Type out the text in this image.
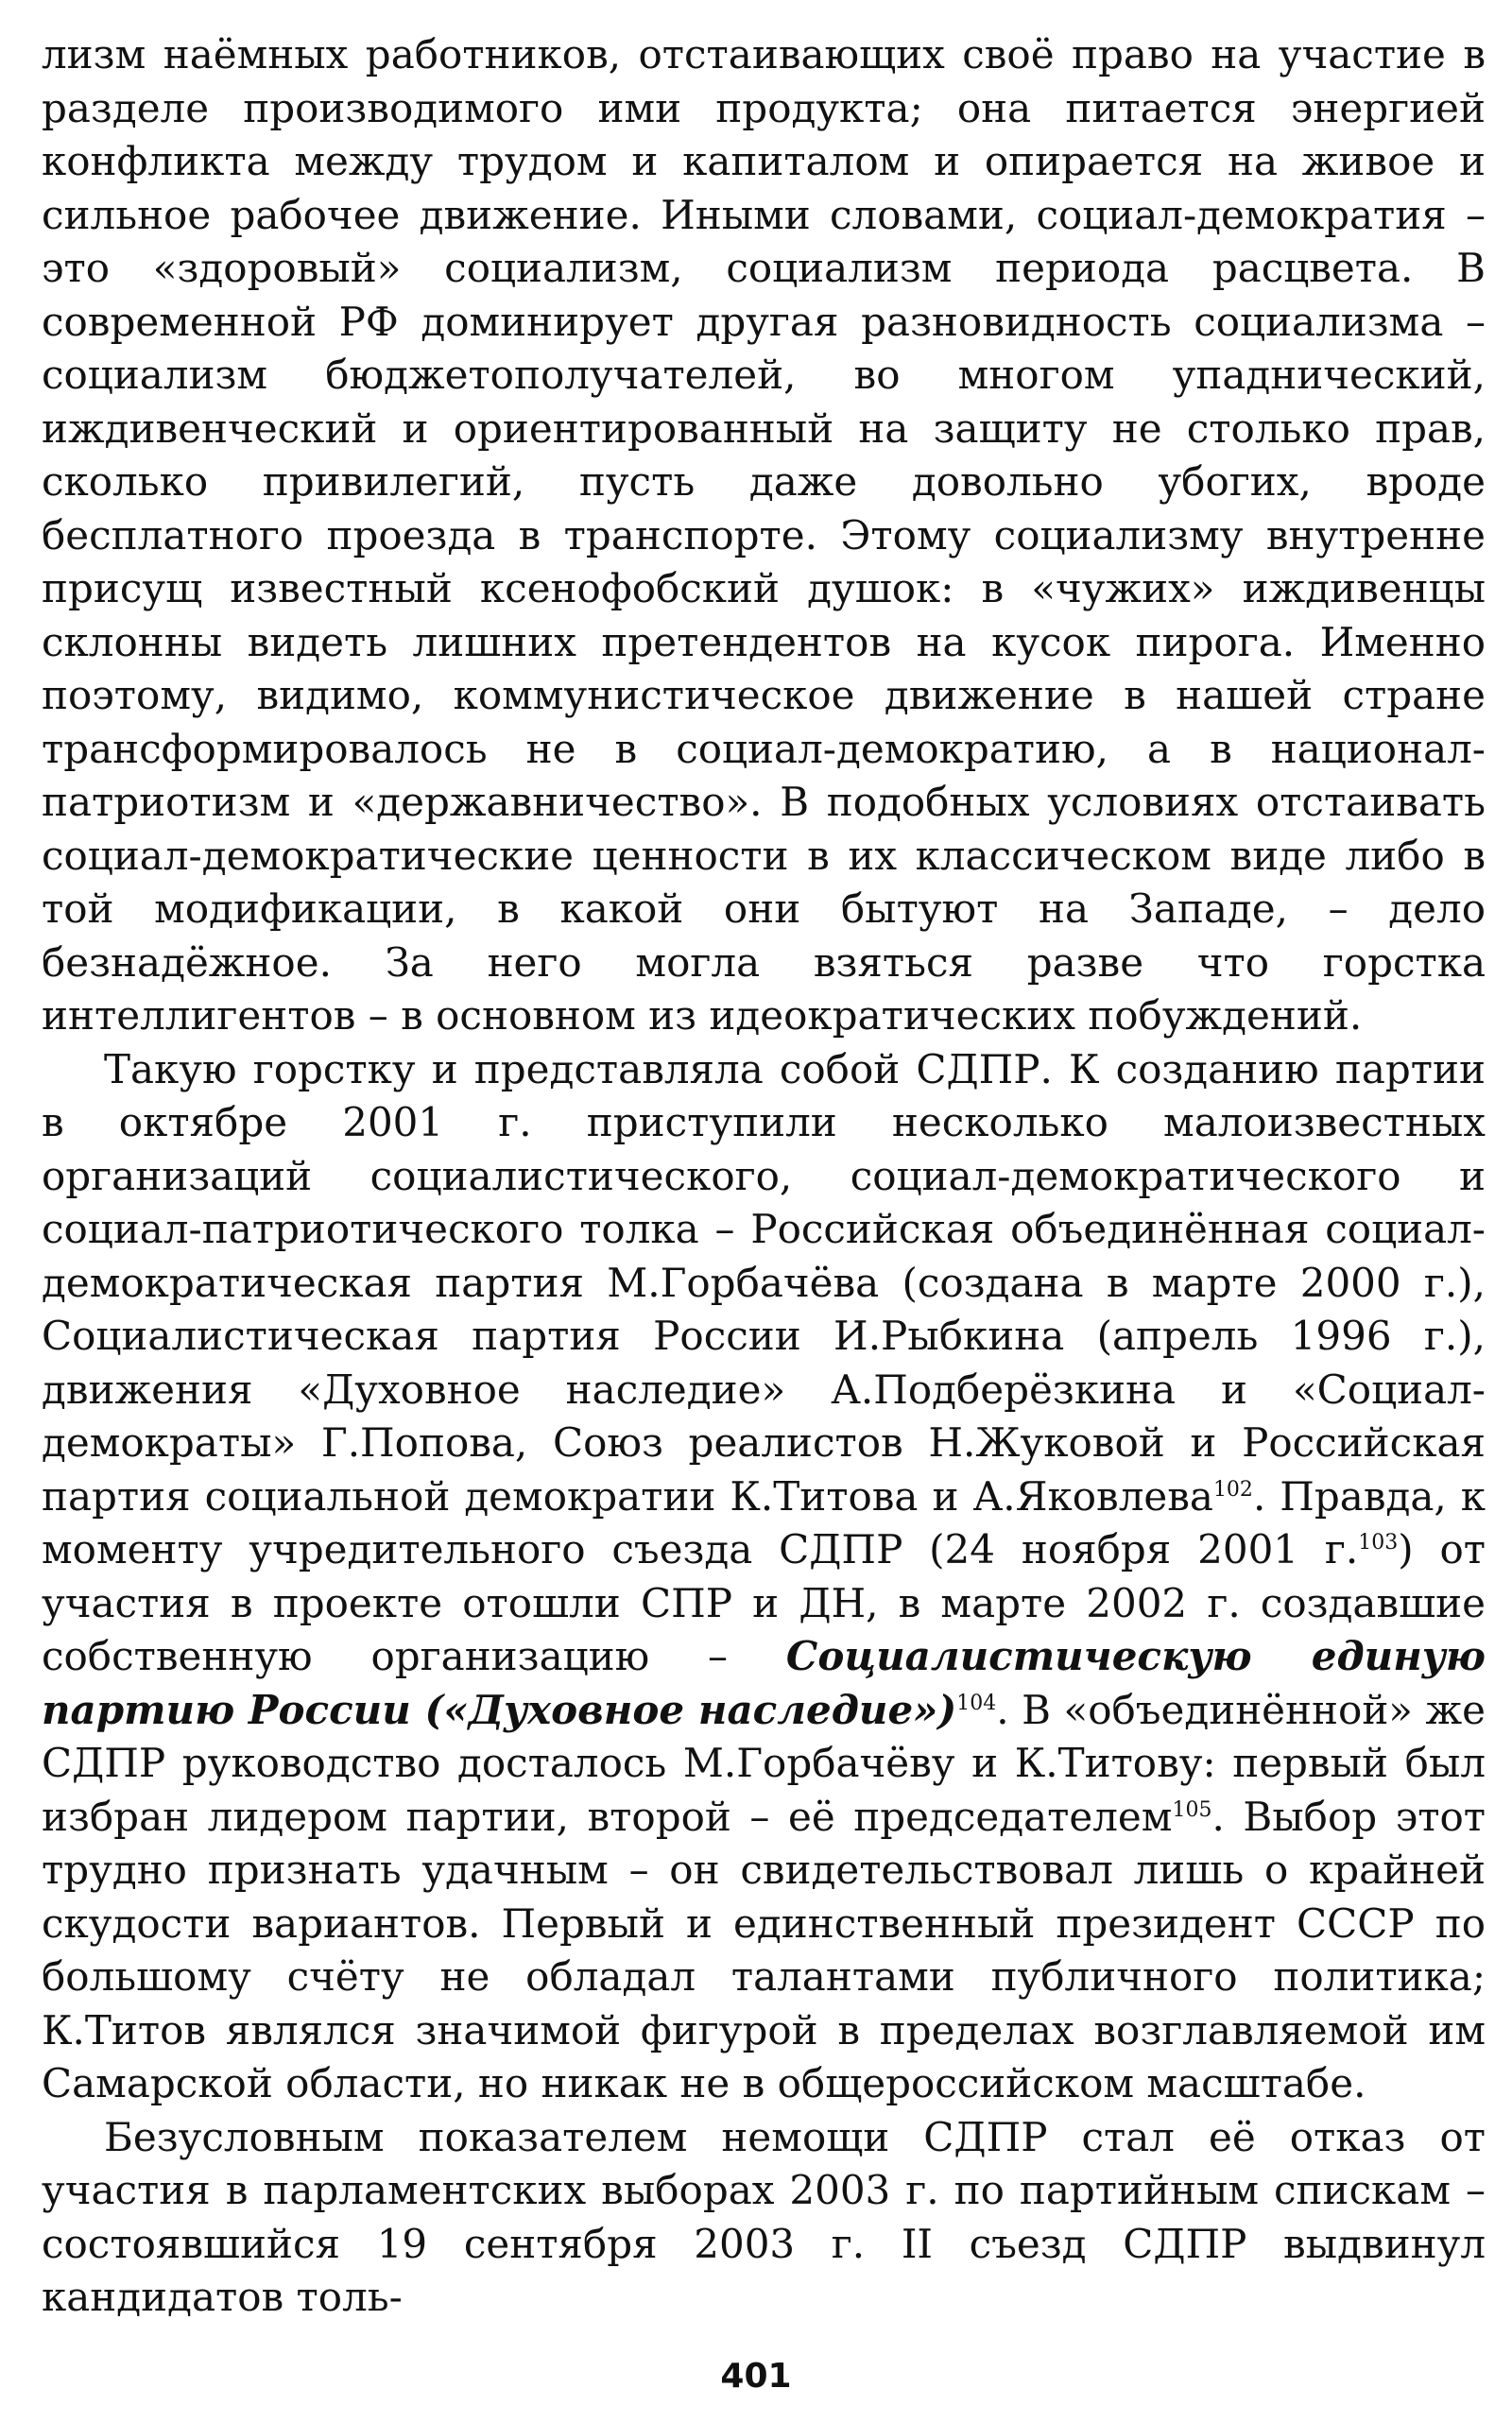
лизм наёмных работников, отстаивающих своё право на участие в разделе производимого ими продукта; она питается энергией конфликта между трудом и капиталом и опирается на живое и сильное рабочее движение. Иными словами, социал-демократия – это «здоровый» социализм, социализм периода расцвета. В современной РФ доминирует другая разновидность социализма – социализм бюджетополучателей, во многом упаднический, иждивенческий и ориентированный на защиту не столько прав, сколько привилегий, пусть даже довольно убогих, вроде бесплатного проезда в транспорте. Этому социализму внутренне присущ известный ксенофобский душок: в «чужих» иждивенцы склонны видеть лишних претендентов на кусок пирога. Именно поэтому, видимо, коммунистическое движение в нашей стране трансформировалось не в социал-демократию, а в национал-патриотизм и «державничество». В подобных условиях отстаивать социал-демократические ценности в их классическом виде либо в той модификации, в какой они бытуют на Западе, – дело безнадёжное. За него могла взяться разве что горстка интеллигентов – в основном из идеократических побуждений.

Такую горстку и представляла собой СДПР. К созданию партии в октябре 2001 г. приступили несколько малоизвестных организаций социалистического, социал-демократического и социал-патриотического толка – Российская объединённая социал-демократическая партия М.Горбачёва (создана в марте 2000 г.), Социалистическая партия России И.Рыбкина (апрель 1996 г.), движения «Духовное наследие» А.Подберёзкина и «Социал-демократы» Г.Попова, Союз реалистов Н.Жуковой и Российская партия социальной демократии К.Титова и А.Яковлева$^{102}$. Правда, к моменту учредительного съезда СДПР (24 ноября 2001 г.$^{103}$) от участия в проекте отошли СПР и ДН, в марте 2002 г. создавшие собственную организацию – Социалистическую единую партию России («Духовное наследие»)$^{104}$. В «объединённой» же СДПР руководство досталось М.Горбачёву и К.Титову: первый был избран лидером партии, второй – её председателем$^{105}$. Выбор этот трудно признать удачным – он свидетельствовал лишь о крайней скудости вариантов. Первый и единственный президент СССР по большому счёту не обладал талантами публичного политика; К.Титов являлся значимой фигурой в пределах возглавляемой им Самарской области, но никак не в общероссийском масштабе.

Безусловным показателем немощи СДПР стал её отказ от участия в парламентских выборах 2003 г. по партийным спискам – состоявшийся 19 сентября 2003 г. II съезд СДПР выдвинул кандидатов толь-

401
